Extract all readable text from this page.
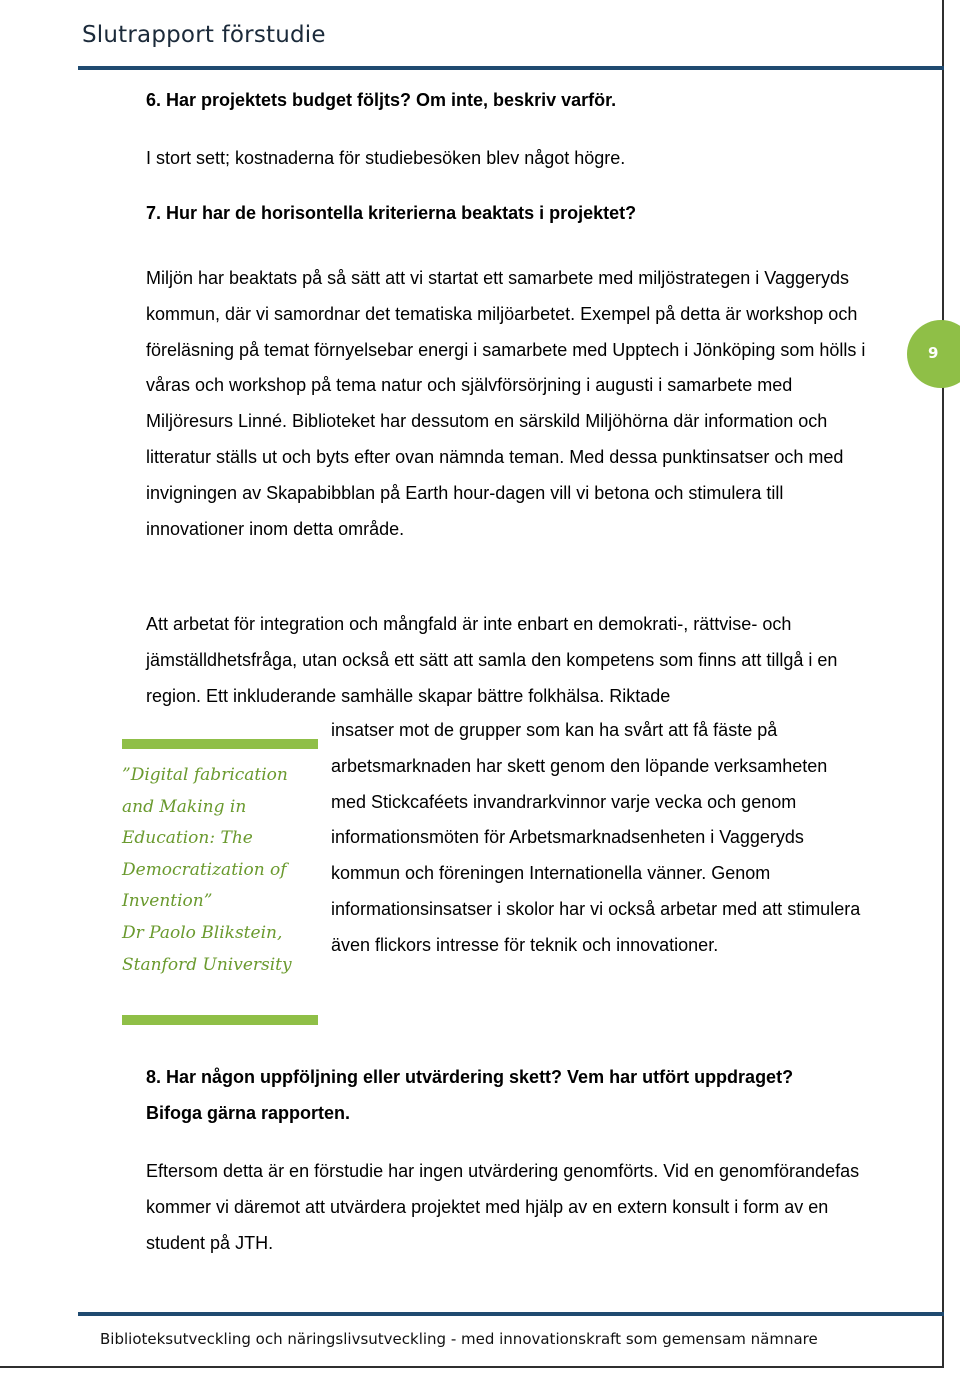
Slutrapport förstudie
9

6. Har projektets budget följts? Om inte, beskriv varför.

I stort sett; kostnaderna för studiebesöken blev något högre.

7. Hur har de horisontella kriterierna beaktats i projektet?

Miljön har beaktats på så sätt att vi startat ett samarbete med miljöstrategen i Vaggeryds kommun, där vi samordnar det tematiska miljöarbetet. Exempel på detta är workshop och föreläsning på temat förnyelsebar energi i samarbete med Upptech i Jönköping som hölls i våras och workshop på tema natur och självförsörjning i augusti i samarbete med Miljöresurs Linné. Biblioteket har dessutom en särskild Miljöhörna där information och litteratur ställs ut och byts efter ovan nämnda teman. Med dessa punktinsatser och med invigningen av Skapabibblan på Earth hour-dagen vill vi betona och stimulera till innovationer inom detta område.

Att arbetat för integration och mångfald är inte enbart en demokrati-, rättvise- och jämställdhetsfråga, utan också ett sätt att samla den kompetens som finns att tillgå i en region. Ett inkluderande samhälle skapar bättre folkhälsa. Riktade

insatser mot de grupper som kan ha svårt att få fäste på arbetsmarknaden har skett genom den löpande verksamheten med Stickcaféets invandrarkvinnor varje vecka och genom informationsmöten för Arbetsmarknadsenheten i Vaggeryds kommun och föreningen Internationella vänner. Genom informationsinsatser i skolor har vi också arbetar med att stimulera även flickors intresse för teknik och innovationer.

”Digital fabrication and Making in Education: The Democratization of Invention”

Dr Paolo Blikstein, Stanford University

8. Har någon uppföljning eller utvärdering skett? Vem har utfört uppdraget? Bifoga gärna rapporten.

Eftersom detta är en förstudie har ingen utvärdering genomförts. Vid en genomförandefas kommer vi däremot att utvärdera projektet med hjälp av en extern konsult i form av en student på JTH.

Biblioteksutveckling och näringslivsutveckling - med innovationskraft som gemensam nämnare
